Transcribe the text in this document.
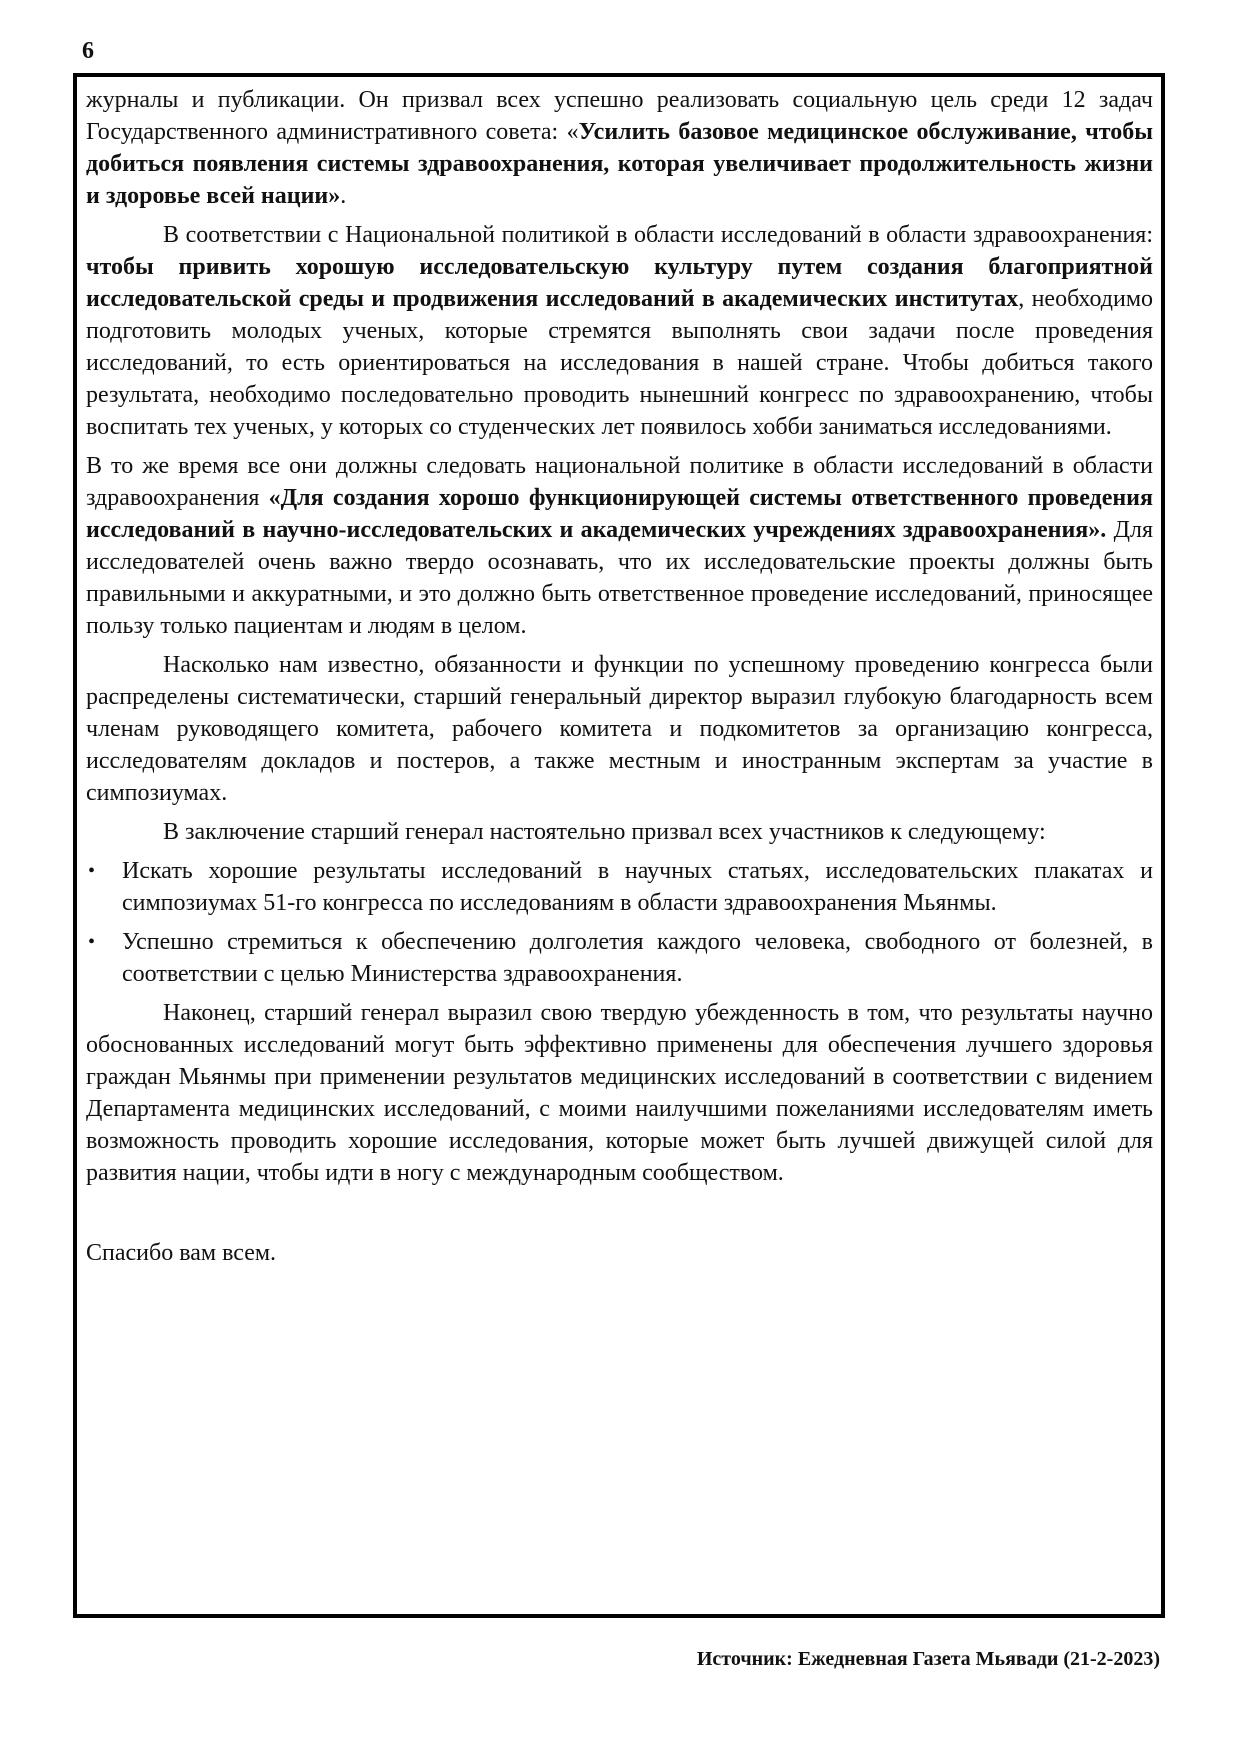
6

журналы и публикации. Он призвал всех успешно реализовать социальную цель среди 12 задач Государственного административного совета: «Усилить базовое медицинское обслуживание, чтобы добиться появления системы здравоохранения, которая увеличивает продолжительность жизни и здоровье всей нации».

В соответствии с Национальной политикой в области исследований в области здравоохранения: чтобы привить хорошую исследовательскую культуру путем создания благоприятной исследовательской среды и продвижения исследований в академических институтах, необходимо подготовить молодых ученых, которые стремятся выполнять свои задачи после проведения исследований, то есть ориентироваться на исследования в нашей стране. Чтобы добиться такого результата, необходимо последовательно проводить нынешний конгресс по здравоохранению, чтобы воспитать тех ученых, у которых со студенческих лет появилось хобби заниматься исследованиями.

В то же время все они должны следовать национальной политике в области исследований в области здравоохранения «Для создания хорошо функционирующей системы ответственного проведения исследований в научно-исследовательских и академических учреждениях здравоохранения». Для исследователей очень важно твердо осознавать, что их исследовательские проекты должны быть правильными и аккуратными, и это должно быть ответственное проведение исследований, приносящее пользу только пациентам и людям в целом.

Насколько нам известно, обязанности и функции по успешному проведению конгресса были распределены систематически, старший генеральный директор выразил глубокую благодарность всем членам руководящего комитета, рабочего комитета и подкомитетов за организацию конгресса, исследователям докладов и постеров, а также местным и иностранным экспертам за участие в симпозиумах.

В заключение старший генерал настоятельно призвал всех участников к следующему:

• Искать хорошие результаты исследований в научных статьях, исследовательских плакатах и симпозиумах 51-го конгресса по исследованиям в области здравоохранения Мьянмы.
• Успешно стремиться к обеспечению долголетия каждого человека, свободного от болезней, в соответствии с целью Министерства здравоохранения.

Наконец, старший генерал выразил свою твердую убежденность в том, что результаты научно обоснованных исследований могут быть эффективно применены для обеспечения лучшего здоровья граждан Мьянмы при применении результатов медицинских исследований в соответствии с видением Департамента медицинских исследований, с моими наилучшими пожеланиями исследователям иметь возможность проводить хорошие исследования, которые может быть лучшей движущей силой для развития нации, чтобы идти в ногу с международным сообществом.

Спасибо вам всем.

Источник: Ежедневная Газета Мьявади (21-2-2023)
